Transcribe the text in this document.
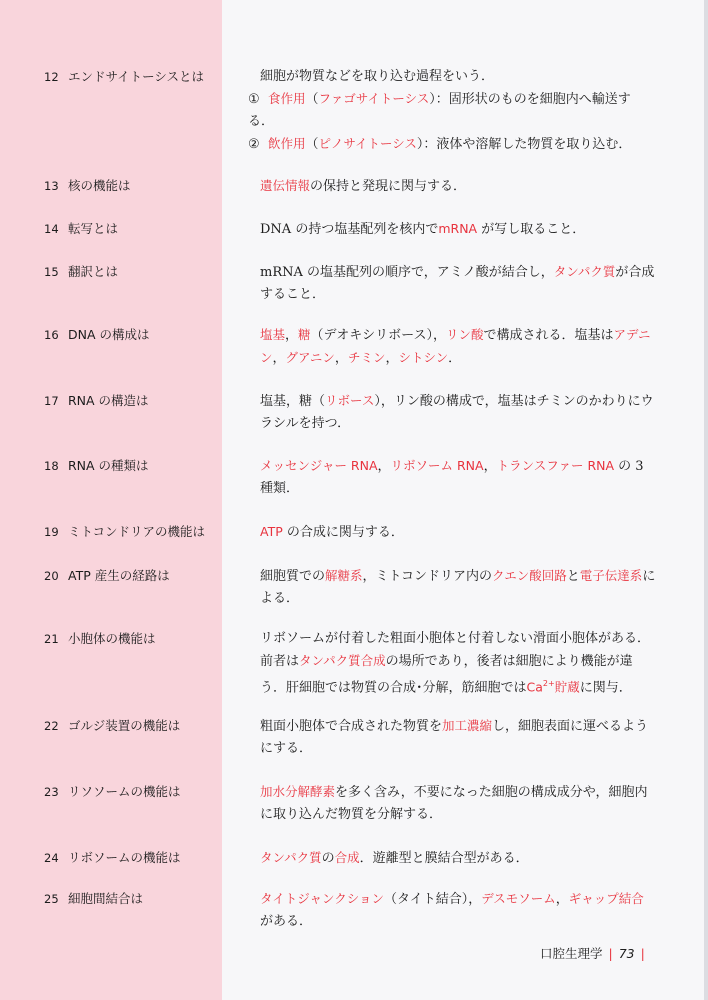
12 エンドサイトーシスとは	細胞が物質などを取り込む過程をいう．

①食作用（ファゴサイトーシス）：固形状のものを細胞内へ輸送する．

②飲作用（ピノサイトーシス）：液体や溶解した物質を取り込む．

13 核の機能は	遺伝情報の保持と発現に関与する．

14 転写とは	DNA の持つ塩基配列を核内でmRNA が写し取ること．

15 翻訳とは	mRNA の塩基配列の順序で，アミノ酸が結合し，タンパク質が合成すること．

16 DNA の構成は	塩基，糖（デオキシリボース），リン酸で構成される．塩基はアデニン，グアニン，チミン，シトシン．

17 RNA の構造は	塩基，糖（リボース），リン酸の構成で，塩基はチミンのかわりにウラシルを持つ．

18 RNA の種類は	メッセンジャー RNA，リボソーム RNA，トランスファー RNA の 3 種類．

19 ミトコンドリアの機能は	ATP の合成に関与する．

20 ATP 産生の経路は	細胞質での解糖系，ミトコンドリア内のクエン酸回路と電子伝達系による．

21 小胞体の機能は	リボソームが付着した粗面小胞体と付着しない滑面小胞体がある．前者はタンパク質合成の場所であり，後者は細胞により機能が違う．肝細胞では物質の合成･分解，筋細胞では$Ca^{2+}$貯蔵に関与．

22 ゴルジ装置の機能は	粗面小胞体で合成された物質を加工濃縮し，細胞表面に運べるようにする．

23 リソソームの機能は	加水分解酵素を多く含み，不要になった細胞の構成成分や，細胞内に取り込んだ物質を分解する．

24 リボソームの機能は	タンパク質の合成．遊離型と膜結合型がある．

25 細胞間結合は	タイトジャンクション（タイト結合），デスモソーム，ギャップ結合がある．

口腔生理学 | 73 |
